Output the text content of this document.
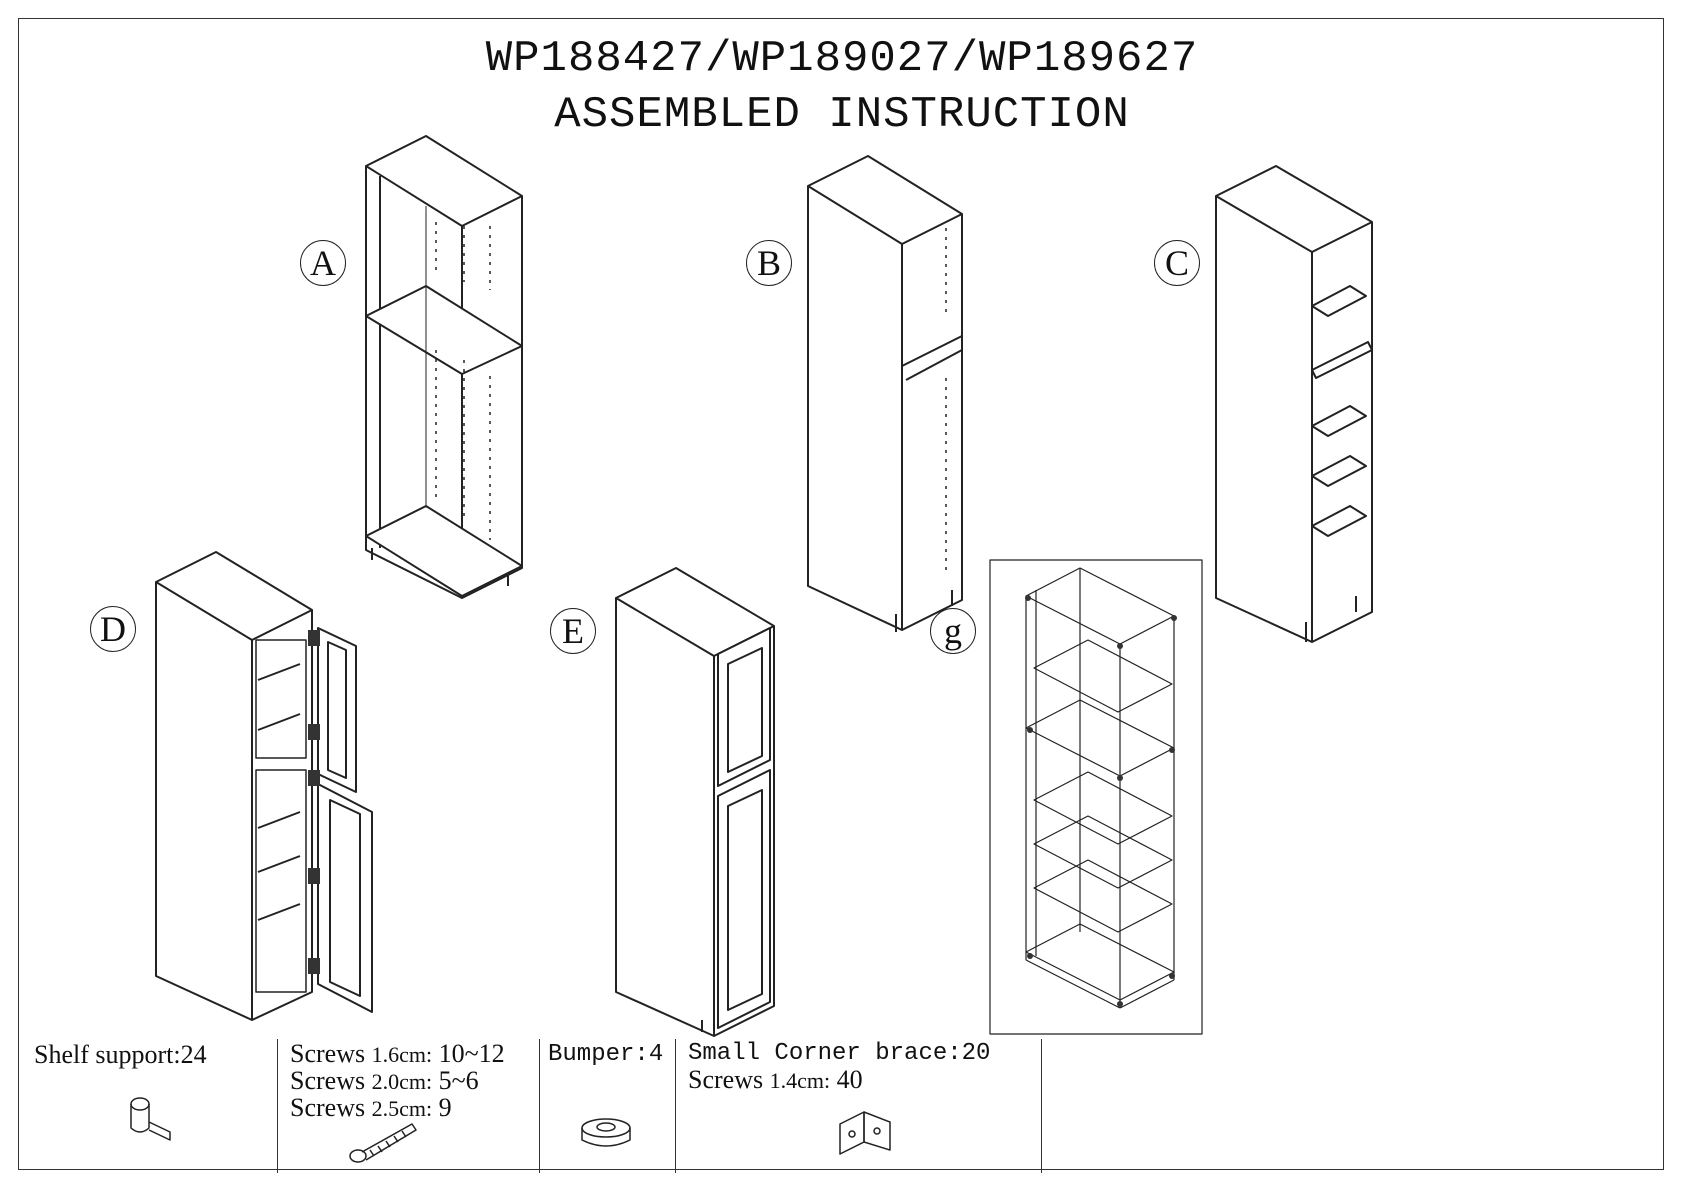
WP188427/WP189027/WP189627
ASSEMBLED INSTRUCTION
A	B	C
D	E	g
Shelf support:24	Screws 1.6cm: 10~12
Screws 2.0cm: 5~6
Screws 2.5cm: 9
Bumper:4 Small Corner brace:20
Screws 1.4cm: 40
